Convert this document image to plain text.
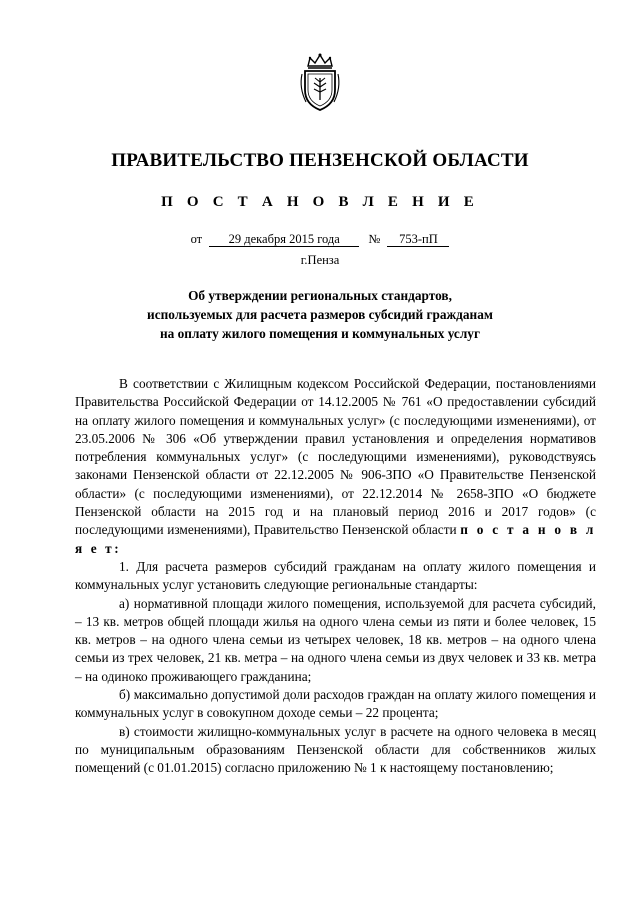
ПРАВИТЕЛЬСТВО ПЕНЗЕНСКОЙ ОБЛАСТИ
П О С Т А Н О В Л Е Н И Е
от 29 декабря 2015 года № 753-пП
г.Пенза
Об утверждении региональных стандартов,
используемых для расчета размеров субсидий гражданам
на оплату жилого помещения и коммунальных услуг

В соответствии с Жилищным кодексом Российской Федерации, постановлениями Правительства Российской Федерации от 14.12.2005 № 761 «О предоставлении субсидий на оплату жилого помещения и коммунальных услуг» (с последующими изменениями), от 23.05.2006 № 306 «Об утверждении правил установления и определения нормативов потребления коммунальных услуг» (с последующими изменениями), руководствуясь законами Пензенской области от 22.12.2005 № 906-ЗПО «О Правительстве Пензенской области» (с последующими изменениями), от 22.12.2014 № 2658-ЗПО «О бюджете Пензенской области на 2015 год и на плановый период 2016 и 2017 годов» (с последующими изменениями), Правительство Пензенской области п о с т а н о в л я е т:

1. Для расчета размеров субсидий гражданам на оплату жилого помещения и коммунальных услуг установить следующие региональные стандарты:

а) нормативной площади жилого помещения, используемой для расчета субсидий, – 13 кв. метров общей площади жилья на одного члена семьи из пяти и более человек, 15 кв. метров – на одного члена семьи из четырех человек, 18 кв. метров – на одного члена семьи из трех человек, 21 кв. метра – на одного члена семьи из двух человек и 33 кв. метра – на одиноко проживающего гражданина;

б) максимально допустимой доли расходов граждан на оплату жилого помещения и коммунальных услуг в совокупном доходе семьи – 22 процента;

в) стоимости жилищно-коммунальных услуг в расчете на одного человека в месяц по муниципальным образованиям Пензенской области для собственников жилых помещений (с 01.01.2015) согласно приложению № 1 к настоящему постановлению;
